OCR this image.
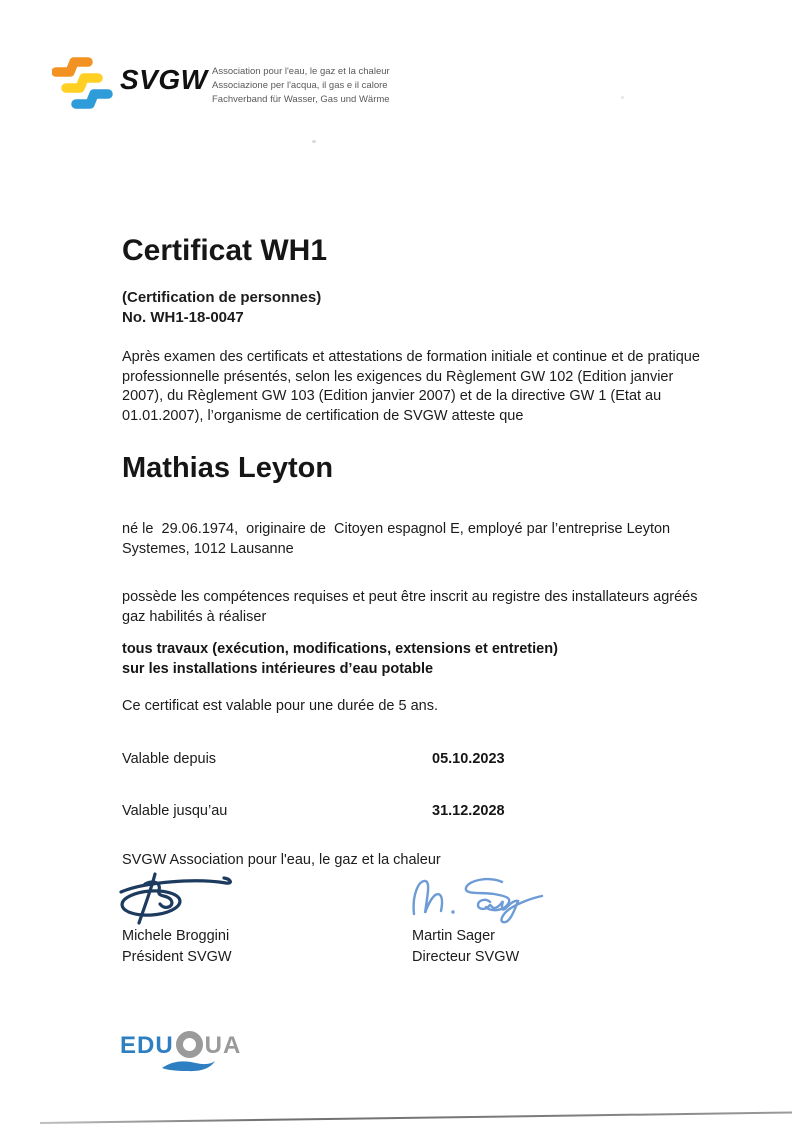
SVGW Association pour l'eau, le gaz et la chaleur
Associazione per l'acqua, il gas e il calore
Fachverband für Wasser, Gas und Wärme
Certificat WH1
(Certification de personnes)
No. WH1-18-0047
Après examen des certificats et attestations de formation initiale et continue et de pratique professionnelle présentés, selon les exigences du Règlement GW 102 (Edition janvier 2007), du Règlement GW 103 (Edition janvier 2007) et de la directive GW 1 (Etat au 01.01.2007), l’organisme de certification de SVGW atteste que
Mathias Leyton
né le  29.06.1974,  originaire de  Citoyen espagnol E, employé par l’entreprise Leyton Systemes, 1012 Lausanne
possède les compétences requises et peut être inscrit au registre des installateurs agréés gaz habilités à réaliser
tous travaux (exécution, modifications, extensions et entretien)
sur les installations intérieures d’eau potable
Ce certificat est valable pour une durée de 5 ans.
Valable depuis	05.10.2023
Valable jusqu’au	31.12.2028
SVGW Association pour l'eau, le gaz et la chaleur
Michele Broggini
Président SVGW
Martin Sager
Directeur SVGW
EDU UA
